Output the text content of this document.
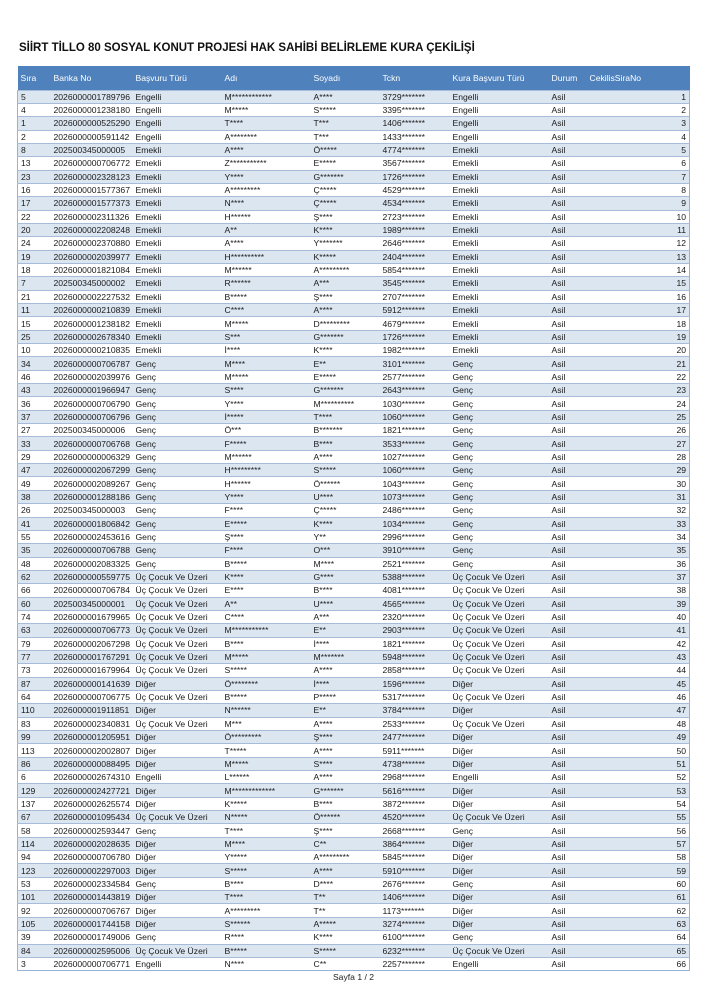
SİİRT TİLLO 80 SOSYAL KONUT PROJESİ HAK SAHİBİ BELİRLEME KURA ÇEKİLİŞİ
Sıra	Banka No	Başvuru Türü	Adı	Soyadı	Tckn	Kura Başvuru Türü	Durum	CekilisSiraNo
5	2026000001789796	Engelli	M************	A****	3729*******	Engelli	Asil	1
4	2026000001238180	Engelli	M*****	S*****	3395*******	Engelli	Asil	2
1	2026000000525290	Engelli	T****	T***	1406*******	Engelli	Asil	3
2	2026000000591142	Engelli	A********	T***	1433*******	Engelli	Asil	4
8	202500345000005	Emekli	A****	Ö*****	4774*******	Emekli	Asil	5
13	2026000000706772	Emekli	Z***********	E*****	3567*******	Emekli	Asil	6
23	2026000002328123	Emekli	Y****	G*******	1726*******	Emekli	Asil	7
16	2026000001577367	Emekli	A*********	Ç*****	4529*******	Emekli	Asil	8
17	2026000001577373	Emekli	N****	Ç*****	4534*******	Emekli	Asil	9
22	2026000002311326	Emekli	H******	Ş****	2723*******	Emekli	Asil	10
20	2026000002208248	Emekli	A**	K****	1989*******	Emekli	Asil	11
24	2026000002370880	Emekli	A****	Y*******	2646*******	Emekli	Asil	12
19	2026000002039977	Emekli	H**********	K*****	2404*******	Emekli	Asil	13
18	2026000001821084	Emekli	M******	A*********	5854*******	Emekli	Asil	14
7	202500345000002	Emekli	R******	A***	3545*******	Emekli	Asil	15
21	2026000002227532	Emekli	B*****	Ş****	2707*******	Emekli	Asil	16
11	2026000000210839	Emekli	C****	A****	5912*******	Emekli	Asil	17
15	2026000001238182	Emekli	M*****	D*********	4679*******	Emekli	Asil	18
25	2026000002678340	Emekli	S***	G*******	1726*******	Emekli	Asil	19
10	2026000000210835	Emekli	İ****	K****	1982*******	Emekli	Asil	20
34	2026000000706787	Genç	M****	E**	3101*******	Genç	Asil	21
46	2026000002039976	Genç	M*****	E*****	2577*******	Genç	Asil	22
43	2026000001966947	Genç	S****	G*******	2643*******	Genç	Asil	23
36	2026000000706790	Genç	Y****	M**********	1030*******	Genç	Asil	24
37	2026000000706796	Genç	İ*****	T****	1060*******	Genç	Asil	25
27	202500345000006	Genç	Ö***	B*******	1821*******	Genç	Asil	26
33	2026000000706768	Genç	F*****	B****	3533*******	Genç	Asil	27
29	2026000000006329	Genç	M******	A****	1027*******	Genç	Asil	28
47	2026000002067299	Genç	H*********	S*****	1060*******	Genç	Asil	29
49	2026000002089267	Genç	H******	Ö******	1043*******	Genç	Asil	30
38	2026000001288186	Genç	Y****	U****	1073*******	Genç	Asil	31
26	202500345000003	Genç	F****	Ç*****	2486*******	Genç	Asil	32
41	2026000001806842	Genç	E*****	K****	1034*******	Genç	Asil	33
55	2026000002453616	Genç	Ş****	Y**	2996*******	Genç	Asil	34
35	2026000000706788	Genç	F****	O***	3910*******	Genç	Asil	35
48	2026000002083325	Genç	B*****	M****	2521*******	Genç	Asil	36
62	2026000000559775	Üç Çocuk Ve Üzeri	K****	G****	5388*******	Üç Çocuk Ve Üzeri	Asil	37
66	2026000000706784	Üç Çocuk Ve Üzeri	E****	B****	4081*******	Üç Çocuk Ve Üzeri	Asil	38
60	202500345000001	Üç Çocuk Ve Üzeri	A**	U****	4565*******	Üç Çocuk Ve Üzeri	Asil	39
74	2026000001679965	Üç Çocuk Ve Üzeri	C****	A***	2320*******	Üç Çocuk Ve Üzeri	Asil	40
63	2026000000706773	Üç Çocuk Ve Üzeri	M***********	E**	2903*******	Üç Çocuk Ve Üzeri	Asil	41
79	2026000002067298	Üç Çocuk Ve Üzeri	B****	İ****	1821*******	Üç Çocuk Ve Üzeri	Asil	42
77	2026000001767291	Üç Çocuk Ve Üzeri	M*****	M*******	5948*******	Üç Çocuk Ve Üzeri	Asil	43
73	2026000001679964	Üç Çocuk Ve Üzeri	S*****	A****	2858*******	Üç Çocuk Ve Üzeri	Asil	44
87	2026000000141639	Diğer	Ö********	İ****	1596*******	Diğer	Asil	45
64	2026000000706775	Üç Çocuk Ve Üzeri	B*****	P*****	5317*******	Üç Çocuk Ve Üzeri	Asil	46
110	2026000001911851	Diğer	N******	E**	3784*******	Diğer	Asil	47
83	2026000002340831	Üç Çocuk Ve Üzeri	M***	A****	2533*******	Üç Çocuk Ve Üzeri	Asil	48
99	2026000001205951	Diğer	Ö*********	Ş****	2477*******	Diğer	Asil	49
113	2026000002002807	Diğer	T*****	A****	5911*******	Diğer	Asil	50
86	2026000000088495	Diğer	M*****	S****	4738*******	Diğer	Asil	51
6	2026000002674310	Engelli	L******	A****	2968*******	Engelli	Asil	52
129	2026000002427721	Diğer	M*************	G*******	5616*******	Diğer	Asil	53
137	2026000002625574	Diğer	K*****	B****	3872*******	Diğer	Asil	54
67	2026000001095434	Üç Çocuk Ve Üzeri	N*****	Ö******	4520*******	Üç Çocuk Ve Üzeri	Asil	55
58	2026000002593447	Genç	T****	Ş****	2668*******	Genç	Asil	56
114	2026000002028635	Diğer	M****	C**	3864*******	Diğer	Asil	57
94	2026000000706780	Diğer	Y*****	A*********	5845*******	Diğer	Asil	58
123	2026000002297003	Diğer	S*****	A****	5910*******	Diğer	Asil	59
53	2026000002334584	Genç	B****	D****	2676*******	Genç	Asil	60
101	2026000001443819	Diğer	T****	T**	1406*******	Diğer	Asil	61
92	2026000000706767	Diğer	A*********	T**	1173*******	Diğer	Asil	62
105	2026000001744158	Diğer	S******	A*****	3274*******	Diğer	Asil	63
39	2026000001749006	Genç	R****	K****	6100*******	Genç	Asil	64
84	2026000002595006	Üç Çocuk Ve Üzeri	B*****	S*****	6232*******	Üç Çocuk Ve Üzeri	Asil	65
3	2026000000706771	Engelli	N****	C**	2257*******	Engelli	Asil	66
Sayfa 1 / 2
